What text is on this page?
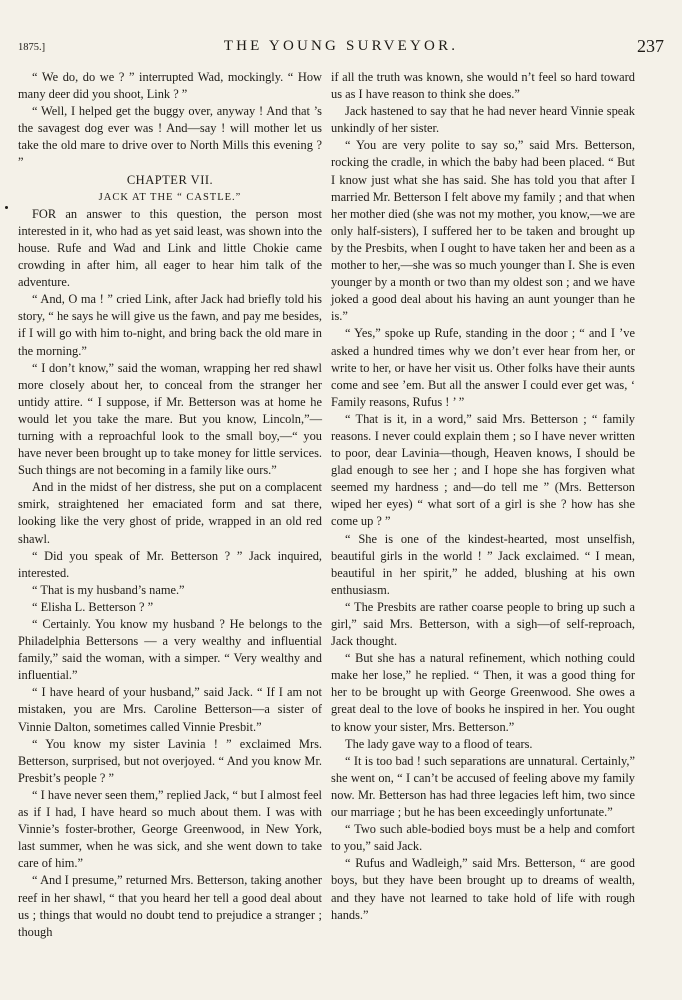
1875.]	THE YOUNG SURVEYOR.	237

“ We do, do we ? ” interrupted Wad, mockingly. “ How many deer did you shoot, Link ? ”

“ Well, I helped get the buggy over, anyway ! And that ’s the savagest dog ever was ! And—say ! will mother let us take the old mare to drive over to North Mills this evening ? ”

CHAPTER VII.

JACK AT THE “ CASTLE.”

FOR an answer to this question, the person most interested in it, who had as yet said least, was shown into the house. Rufe and Wad and Link and little Chokie came crowding in after him, all eager to hear him talk of the adventure.

“ And, O ma ! ” cried Link, after Jack had briefly told his story, “ he says he will give us the fawn, and pay me besides, if I will go with him to-night, and bring back the old mare in the morning.”

“ I don’t know,” said the woman, wrapping her red shawl more closely about her, to conceal from the stranger her untidy attire. “ I suppose, if Mr. Betterson was at home he would let you take the mare. But you know, Lincoln,”—turning with a reproachful look to the small boy,—“ you have never been brought up to take money for little services. Such things are not becoming in a family like ours.”

And in the midst of her distress, she put on a complacent smirk, straightened her emaciated form and sat there, looking like the very ghost of pride, wrapped in an old red shawl.

“ Did you speak of Mr. Betterson ? ” Jack inquired, interested.

“ That is my husband’s name.”

“ Elisha L. Betterson ? ”

“ Certainly. You know my husband ? He belongs to the Philadelphia Bettersons — a very wealthy and influential family,” said the woman, with a simper. “ Very wealthy and influential.”

“ I have heard of your husband,” said Jack. “ If I am not mistaken, you are Mrs. Caroline Betterson—a sister of Vinnie Dalton, sometimes called Vinnie Presbit.”

“ You know my sister Lavinia ! ” exclaimed Mrs. Betterson, surprised, but not overjoyed. “ And you know Mr. Presbit’s people ? ”

“ I have never seen them,” replied Jack, “ but I almost feel as if I had, I have heard so much about them. I was with Vinnie’s foster-brother, George Greenwood, in New York, last summer, when he was sick, and she went down to take care of him.”

“ And I presume,” returned Mrs. Betterson, taking another reef in her shawl, “ that you heard her tell a good deal about us ; things that would no doubt tend to prejudice a stranger ; though

if all the truth was known, she would n’t feel so hard toward us as I have reason to think she does.”

Jack hastened to say that he had never heard Vinnie speak unkindly of her sister.

“ You are very polite to say so,” said Mrs. Betterson, rocking the cradle, in which the baby had been placed. “ But I know just what she has said. She has told you that after I married Mr. Betterson I felt above my family ; and that when her mother died (she was not my mother, you know,—we are only half-sisters), I suffered her to be taken and brought up by the Presbits, when I ought to have taken her and been as a mother to her,—she was so much younger than I. She is even younger by a month or two than my oldest son ; and we have joked a good deal about his having an aunt younger than he is.”

“ Yes,” spoke up Rufe, standing in the door ; “ and I ’ve asked a hundred times why we don’t ever hear from her, or write to her, or have her visit us. Other folks have their aunts come and see ’em. But all the answer I could ever get was, ‘ Family reasons, Rufus ! ’ ”

“ That is it, in a word,” said Mrs. Betterson ; “ family reasons. I never could explain them ; so I have never written to poor, dear Lavinia—though, Heaven knows, I should be glad enough to see her ; and I hope she has forgiven what seemed my hardness ; and—do tell me ” (Mrs. Betterson wiped her eyes) “ what sort of a girl is she ? how has she come up ? ”

“ She is one of the kindest-hearted, most unselfish, beautiful girls in the world ! ” Jack exclaimed. “ I mean, beautiful in her spirit,” he added, blushing at his own enthusiasm.

“ The Presbits are rather coarse people to bring up such a girl,” said Mrs. Betterson, with a sigh—of self-reproach, Jack thought.

“ But she has a natural refinement, which nothing could make her lose,” he replied. “ Then, it was a good thing for her to be brought up with George Greenwood. She owes a great deal to the love of books he inspired in her. You ought to know your sister, Mrs. Betterson.”

The lady gave way to a flood of tears.

“ It is too bad ! such separations are unnatural. Certainly,” she went on, “ I can’t be accused of feeling above my family now. Mr. Betterson has had three legacies left him, two since our marriage ; but he has been exceedingly unfortunate.”

“ Two such able-bodied boys must be a help and comfort to you,” said Jack.

“ Rufus and Wadleigh,” said Mrs. Betterson, “ are good boys, but they have been brought up to dreams of wealth, and they have not learned to take hold of life with rough hands.”
